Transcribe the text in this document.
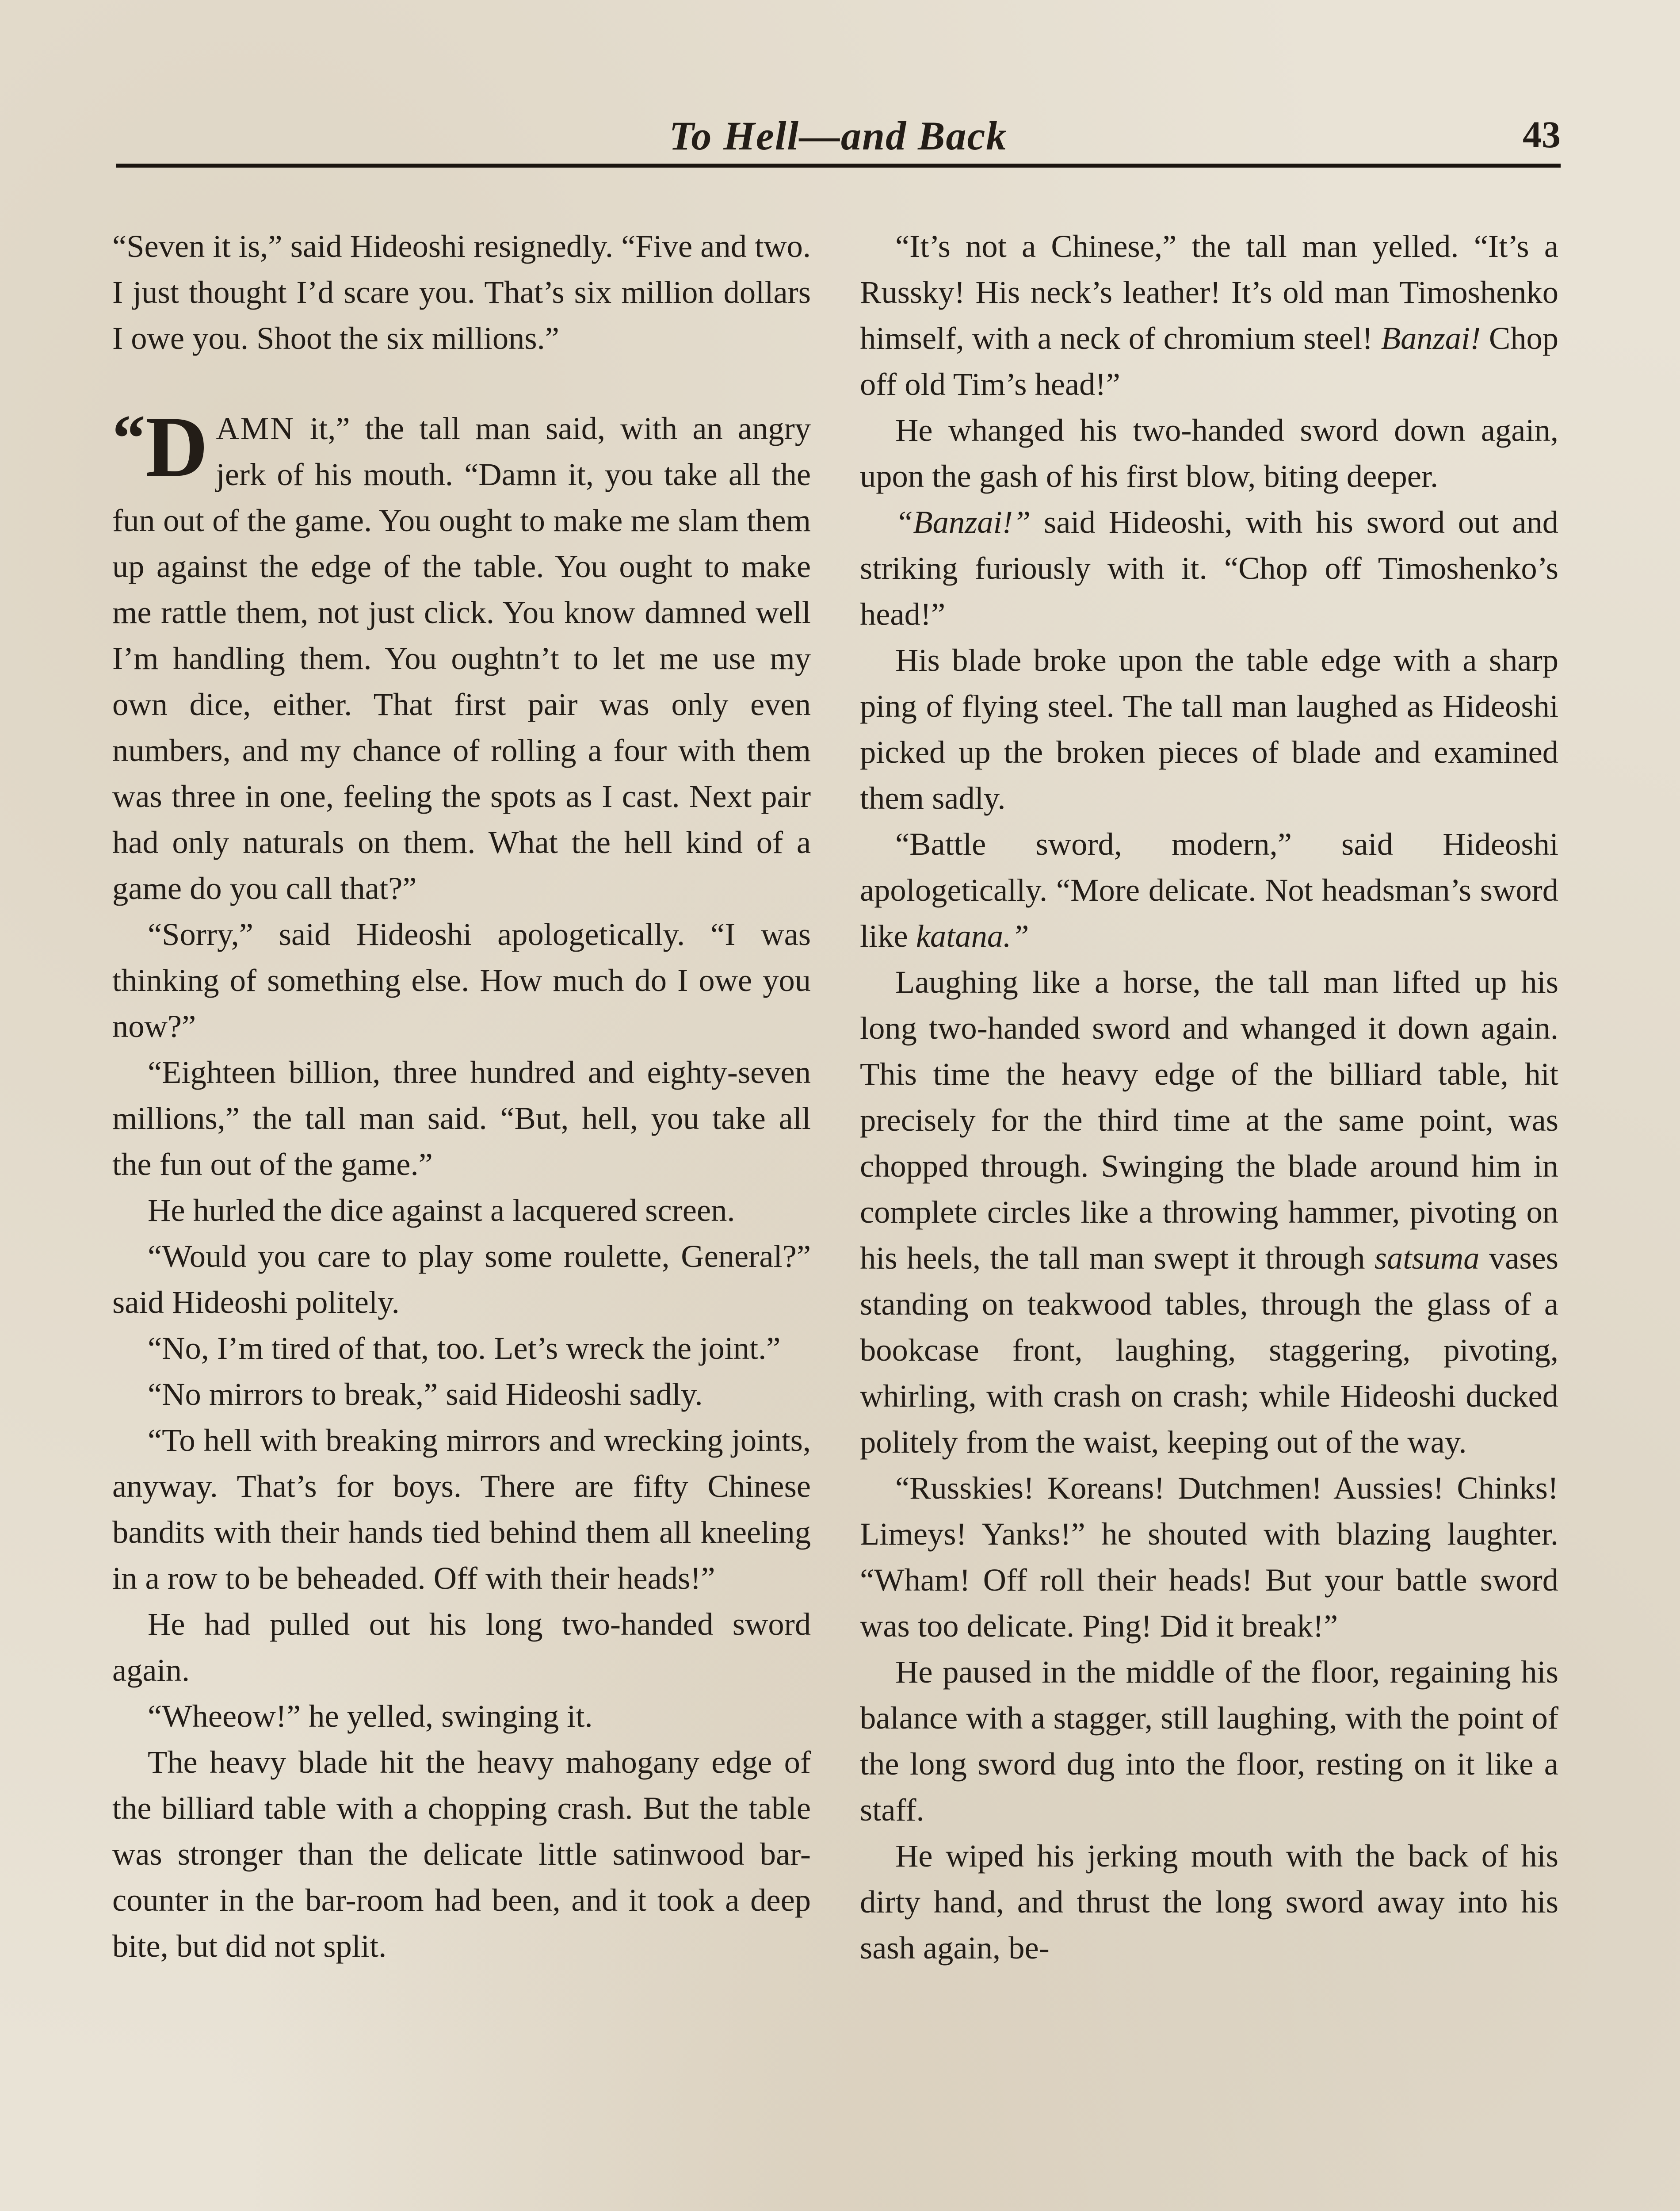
To Hell—and Back	43

“Seven it is,” said Hideoshi resignedly. “Five and two. I just thought I’d scare you. That’s six million dollars I owe you. Shoot the six millions.”

“D AMN it,” the tall man said, with an angry jerk of his mouth. “Damn it, you take all the fun out of the game. You ought to make me slam them up against the edge of the table. You ought to make me rattle them, not just click. You know damned well I’m handling them. You oughtn’t to let me use my own dice, either. That first pair was only even numbers, and my chance of rolling a four with them was three in one, feeling the spots as I cast. Next pair had only naturals on them. What the hell kind of a game do you call that?”

“Sorry,” said Hideoshi apologetically. “I was thinking of something else. How much do I owe you now?”

“Eighteen billion, three hundred and eighty-seven millions,” the tall man said. “But, hell, you take all the fun out of the game.”

He hurled the dice against a lacquered screen.

“Would you care to play some roulette, General?” said Hideoshi politely.

“No, I’m tired of that, too. Let’s wreck the joint.”

“No mirrors to break,” said Hideoshi sadly.

“To hell with breaking mirrors and wrecking joints, anyway. That’s for boys. There are fifty Chinese bandits with their hands tied behind them all kneeling in a row to be beheaded. Off with their heads!”

He had pulled out his long two-handed sword again.

“Wheeow!” he yelled, swinging it.

The heavy blade hit the heavy mahogany edge of the billiard table with a chopping crash. But the table was stronger than the delicate little satinwood bar-counter in the bar-room had been, and it took a deep bite, but did not split.

“It’s not a Chinese,” the tall man yelled. “It’s a Russky! His neck’s leather! It’s old man Timoshenko himself, with a neck of chromium steel! Banzai! Chop off old Tim’s head!”

He whanged his two-handed sword down again, upon the gash of his first blow, biting deeper.

“Banzai!” said Hideoshi, with his sword out and striking furiously with it. “Chop off Timoshenko’s head!”

His blade broke upon the table edge with a sharp ping of flying steel. The tall man laughed as Hideoshi picked up the broken pieces of blade and examined them sadly.

“Battle sword, modern,” said Hideoshi apologetically. “More delicate. Not headsman’s sword like katana.”

Laughing like a horse, the tall man lifted up his long two-handed sword and whanged it down again. This time the heavy edge of the billiard table, hit precisely for the third time at the same point, was chopped through. Swinging the blade around him in complete circles like a throwing hammer, pivoting on his heels, the tall man swept it through satsuma vases standing on teakwood tables, through the glass of a bookcase front, laughing, staggering, pivoting, whirling, with crash on crash; while Hideoshi ducked politely from the waist, keeping out of the way.

“Russkies! Koreans! Dutchmen! Aussies! Chinks! Limeys! Yanks!” he shouted with blazing laughter. “Wham! Off roll their heads! But your battle sword was too delicate. Ping! Did it break!”

He paused in the middle of the floor, regaining his balance with a stagger, still laughing, with the point of the long sword dug into the floor, resting on it like a staff.

He wiped his jerking mouth with the back of his dirty hand, and thrust the long sword away into his sash again, be-
